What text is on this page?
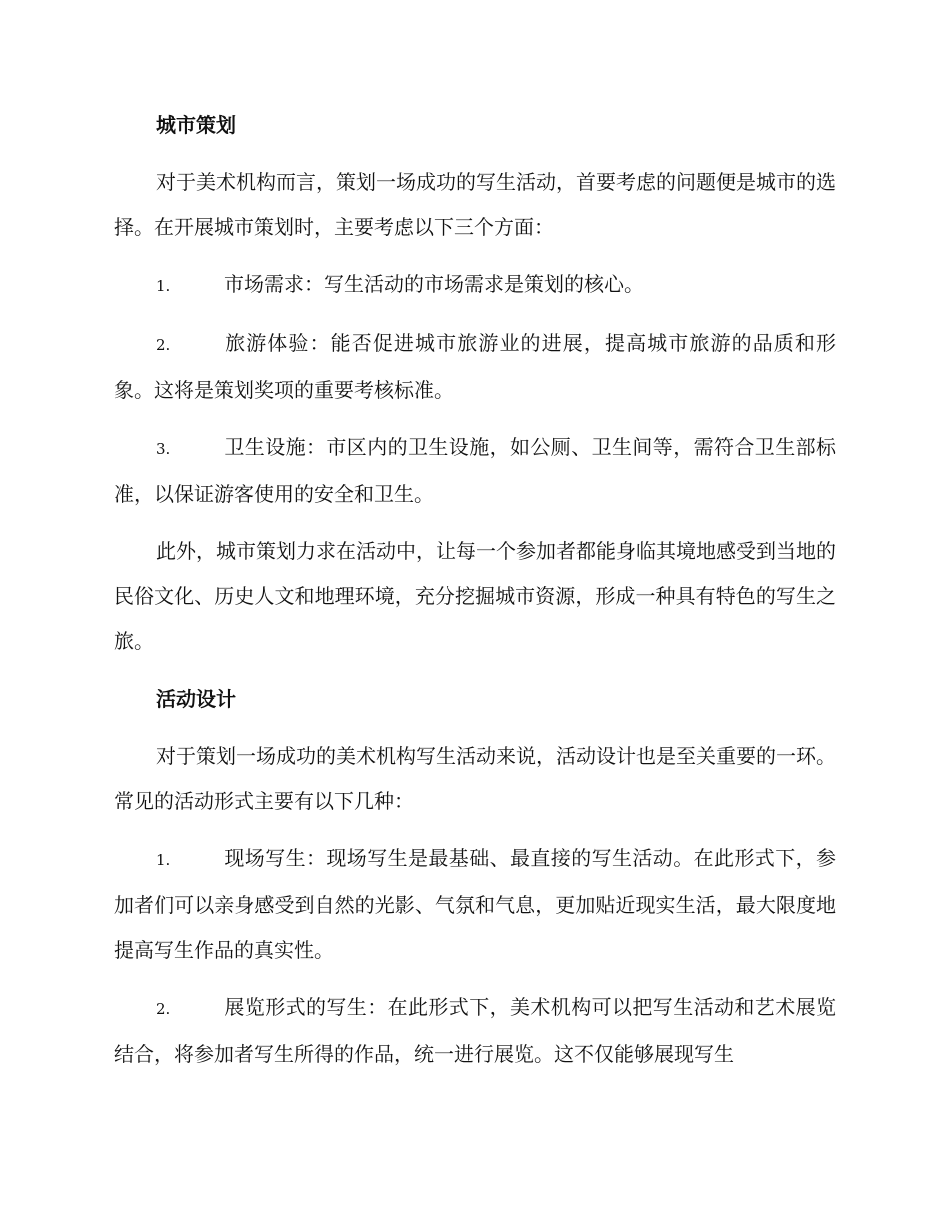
城市策划

对于美术机构而言，策划一场成功的写生活动，首要考虑的问题便是城市的选择。在开展城市策划时，主要考虑以下三个方面：

1.	市场需求：写生活动的市场需求是策划的核心。

2.	旅游体验：能否促进城市旅游业的进展，提高城市旅游的品质和形象。这将是策划奖项的重要考核标准。

3.	卫生设施：市区内的卫生设施，如公厕、卫生间等，需符合卫生部标准，以保证游客使用的安全和卫生。

此外，城市策划力求在活动中，让每一个参加者都能身临其境地感受到当地的民俗文化、历史人文和地理环境，充分挖掘城市资源，形成一种具有特色的写生之旅。

活动设计

对于策划一场成功的美术机构写生活动来说，活动设计也是至关重要的一环。常见的活动形式主要有以下几种：

1.	现场写生：现场写生是最基础、最直接的写生活动。在此形式下，参加者们可以亲身感受到自然的光影、气氛和气息，更加贴近现实生活，最大限度地提高写生作品的真实性。

2.	展览形式的写生：在此形式下，美术机构可以把写生活动和艺术展览结合，将参加者写生所得的作品，统一进行展览。这不仅能够展现写生
